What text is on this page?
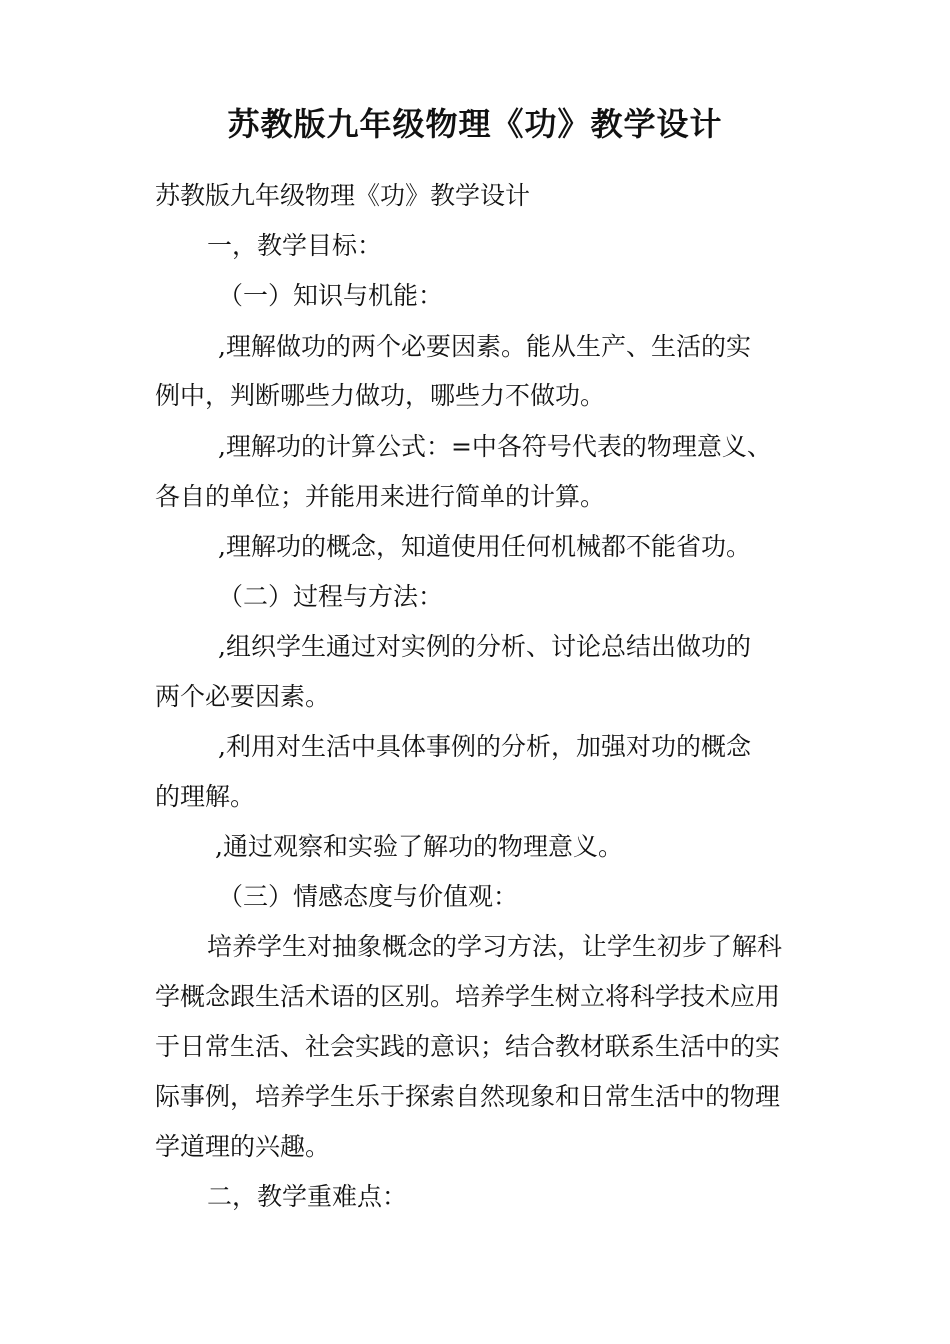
苏教版九年级物理《功》教学设计
苏教版九年级物理《功》教学设计
一，教学目标：
（一）知识与机能：
,理解做功的两个必要因素。能从生产、生活的实
例中，判断哪些力做功，哪些力不做功。
,理解功的计算公式：=中各符号代表的物理意义、
各自的单位；并能用来进行简单的计算。
,理解功的概念，知道使用任何机械都不能省功。
（二）过程与方法：
,组织学生通过对实例的分析、讨论总结出做功的
两个必要因素。
,利用对生活中具体事例的分析，加强对功的概念
的理解。
,通过观察和实验了解功的物理意义。
（三）情感态度与价值观：
培养学生对抽象概念的学习方法，让学生初步了解科
学概念跟生活术语的区别。培养学生树立将科学技术应用
于日常生活、社会实践的意识；结合教材联系生活中的实
际事例，培养学生乐于探索自然现象和日常生活中的物理
学道理的兴趣。
二，教学重难点：
